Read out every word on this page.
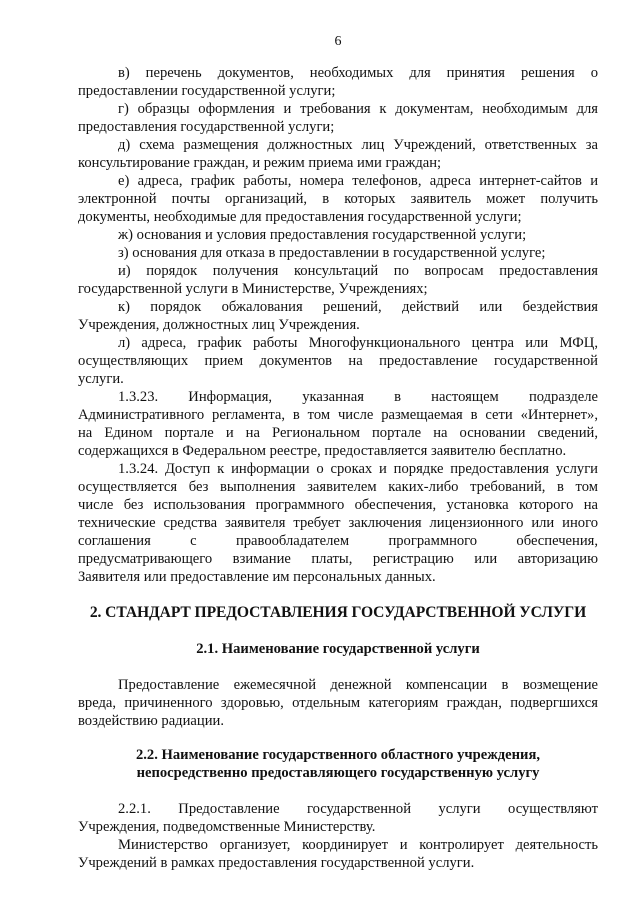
6
в) перечень документов, необходимых для принятия решения о
предоставлении государственной услуги;
г) образцы оформления и требования к документам, необходимым для
предоставления государственной услуги;
д) схема размещения должностных лиц Учреждений, ответственных за
консультирование граждан, и режим приема ими граждан;
е) адреса, график работы, номера телефонов, адреса интернет-сайтов и
электронной почты организаций, в которых заявитель может получить
документы, необходимые для предоставления государственной услуги;
ж) основания и условия предоставления государственной услуги;
з) основания для отказа в предоставлении в государственной услуге;
и) порядок получения консультаций по вопросам предоставления
государственной услуги в Министерстве, Учреждениях;
к) порядок обжалования решений, действий или бездействия
Учреждения, должностных лиц Учреждения.
л) адреса, график работы Многофункционального центра или МФЦ,
осуществляющих прием документов на предоставление государственной
услуги.
1.3.23. Информация, указанная в настоящем подразделе
Административного регламента, в том числе размещаемая в сети «Интернет»,
на Едином портале и на Региональном портале на основании сведений,
содержащихся в Федеральном реестре, предоставляется заявителю бесплатно.
1.3.24. Доступ к информации о сроках и порядке предоставления услуги
осуществляется без выполнения заявителем каких-либо требований, в том
числе без использования программного обеспечения, установка которого на
технические средства заявителя требует заключения лицензионного или иного
соглашения с правообладателем программного обеспечения,
предусматривающего взимание платы, регистрацию или авторизацию
Заявителя или предоставление им персональных данных.
2. СТАНДАРТ ПРЕДОСТАВЛЕНИЯ ГОСУДАРСТВЕННОЙ УСЛУГИ
2.1. Наименование государственной услуги
Предоставление ежемесячной денежной компенсации в возмещение
вреда, причиненного здоровью, отдельным категориям граждан, подвергшихся
воздействию радиации.
2.2. Наименование государственного областного учреждения,
непосредственно предоставляющего государственную услугу
2.2.1. Предоставление государственной услуги осуществляют
Учреждения, подведомственные Министерству.
Министерство организует, координирует и контролирует деятельность
Учреждений в рамках предоставления государственной услуги.
